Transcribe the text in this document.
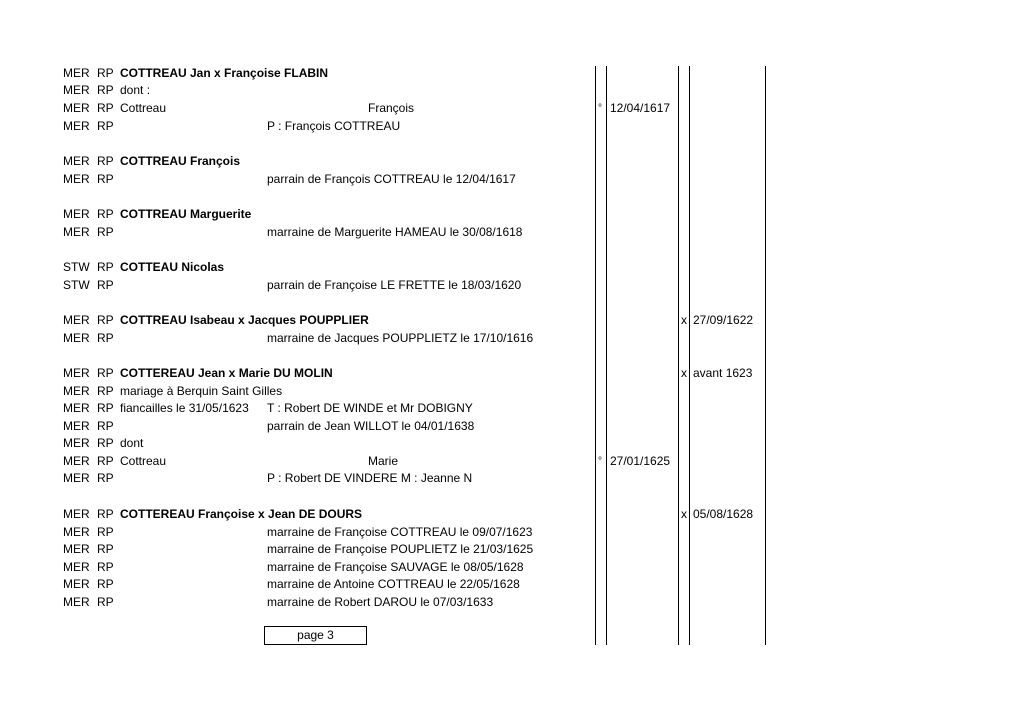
MER RP COTTREAU Jan x Françoise FLABIN
MER RP dont :
MER RP Cottreau	François	° 12/04/1617
MER RP	P : François COTTREAU
MER RP COTTREAU François
MER RP	parrain de François COTTREAU le 12/04/1617
MER RP COTTREAU Marguerite
MER RP	marraine de Marguerite HAMEAU le 30/08/1618
STW RP COTTEAU Nicolas
STW RP	parrain de Françoise LE FRETTE le 18/03/1620
MER RP COTTREAU Isabeau x Jacques POUPPLIER	x 27/09/1622
MER RP	marraine de Jacques POUPPLIETZ le 17/10/1616
MER RP COTTEREAU Jean x Marie DU MOLIN	x avant 1623
MER RP mariage à Berquin Saint Gilles
MER RP fiancailles le 31/05/1623 T : Robert DE WINDE et Mr DOBIGNY
MER RP	parrain de Jean WILLOT le 04/01/1638
MER RP dont
MER RP Cottreau	Marie	° 27/01/1625
MER RP	P : Robert DE VINDERE M : Jeanne N
MER RP COTTEREAU Françoise x Jean DE DOURS	x 05/08/1628
MER RP	marraine de Françoise COTTREAU le 09/07/1623
MER RP	marraine de Françoise POUPLIETZ le 21/03/1625
MER RP	marraine de Françoise SAUVAGE le 08/05/1628
MER RP	marraine de Antoine COTTREAU le 22/05/1628
MER RP	marraine de Robert DAROU le 07/03/1633
page 3
